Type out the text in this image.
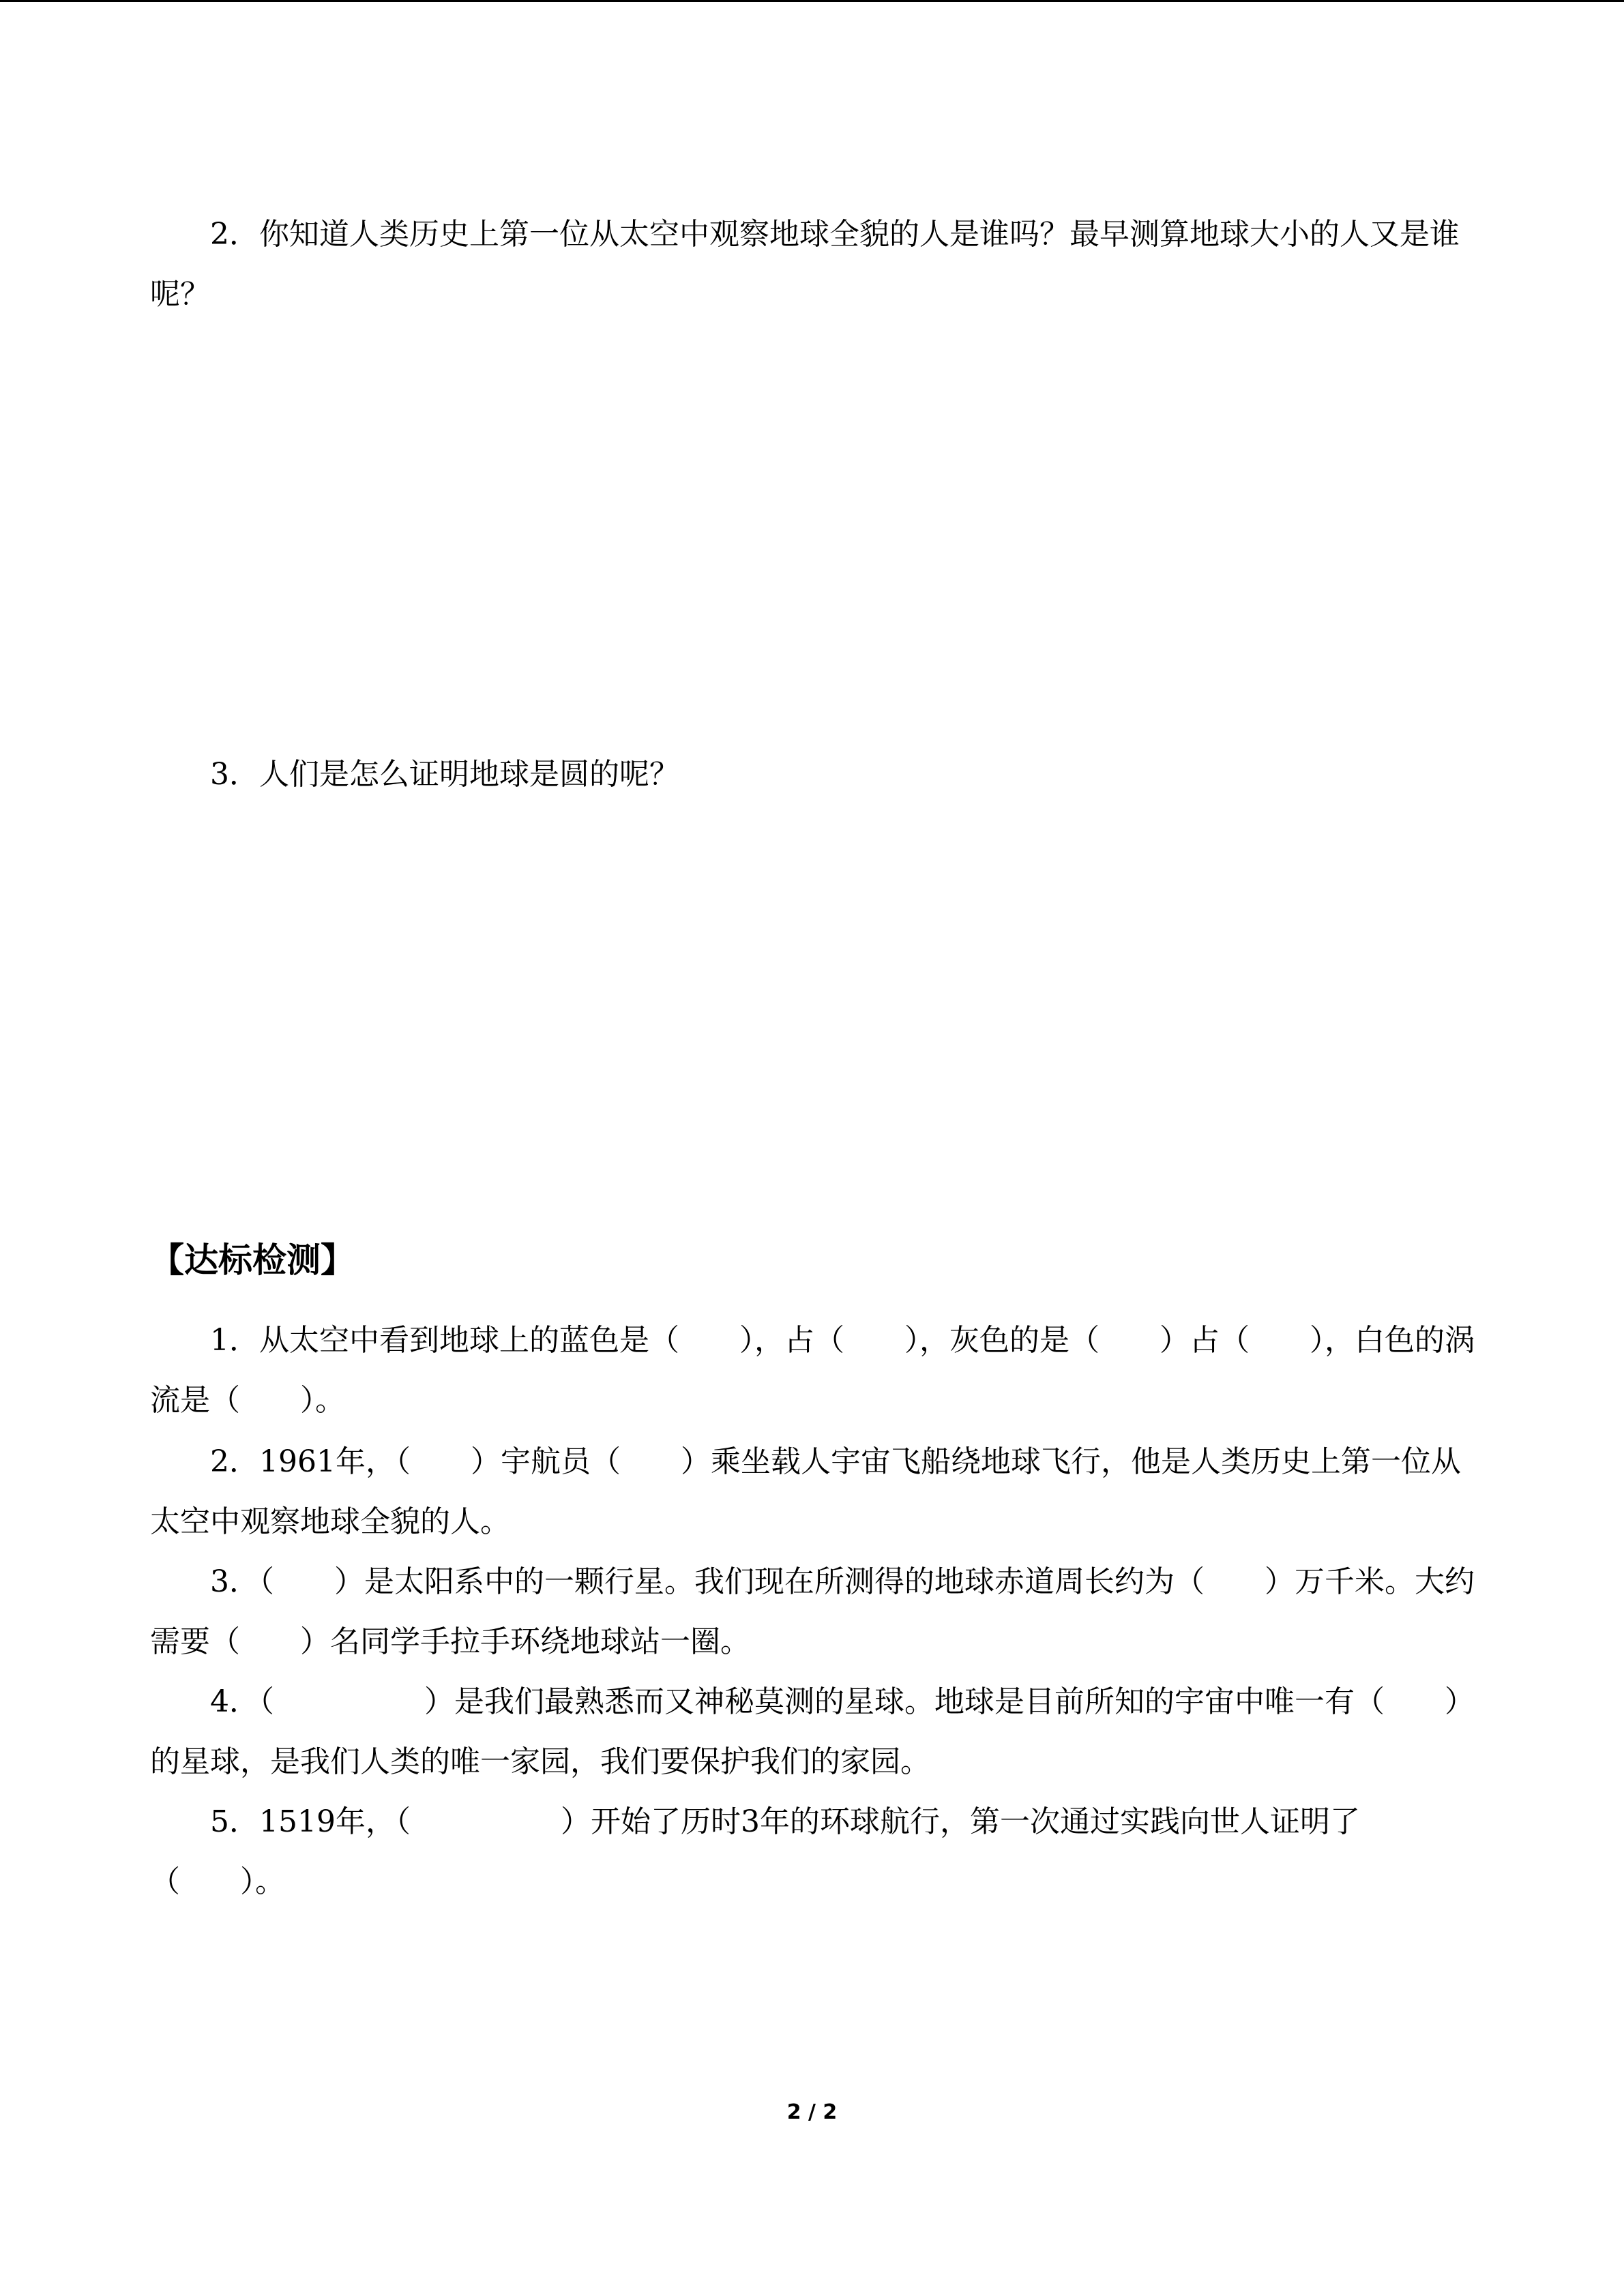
2．你知道人类历史上第一位从太空中观察地球全貌的人是谁吗？最早测算地球大小的人又是谁呢？

3．人们是怎么证明地球是圆的呢？

【达标检测】

1．从太空中看到地球上的蓝色是（　　），占（　　），灰色的是（　　）占（　　），白色的涡流是（　　）。

2．1961年，（　　）宇航员（　　）乘坐载人宇宙飞船绕地球飞行，他是人类历史上第一位从太空中观察地球全貌的人。

3．（　　）是太阳系中的一颗行星。我们现在所测得的地球赤道周长约为（　　）万千米。大约需要（　　）名同学手拉手环绕地球站一圈。

4．（　　　　　）是我们最熟悉而又神秘莫测的星球。地球是目前所知的宇宙中唯一有（　　）的星球，是我们人类的唯一家园，我们要保护我们的家园。

5．1519年，（　　　　　）开始了历时3年的环球航行，第一次通过实践向世人证明了（　　）。

2 / 2
